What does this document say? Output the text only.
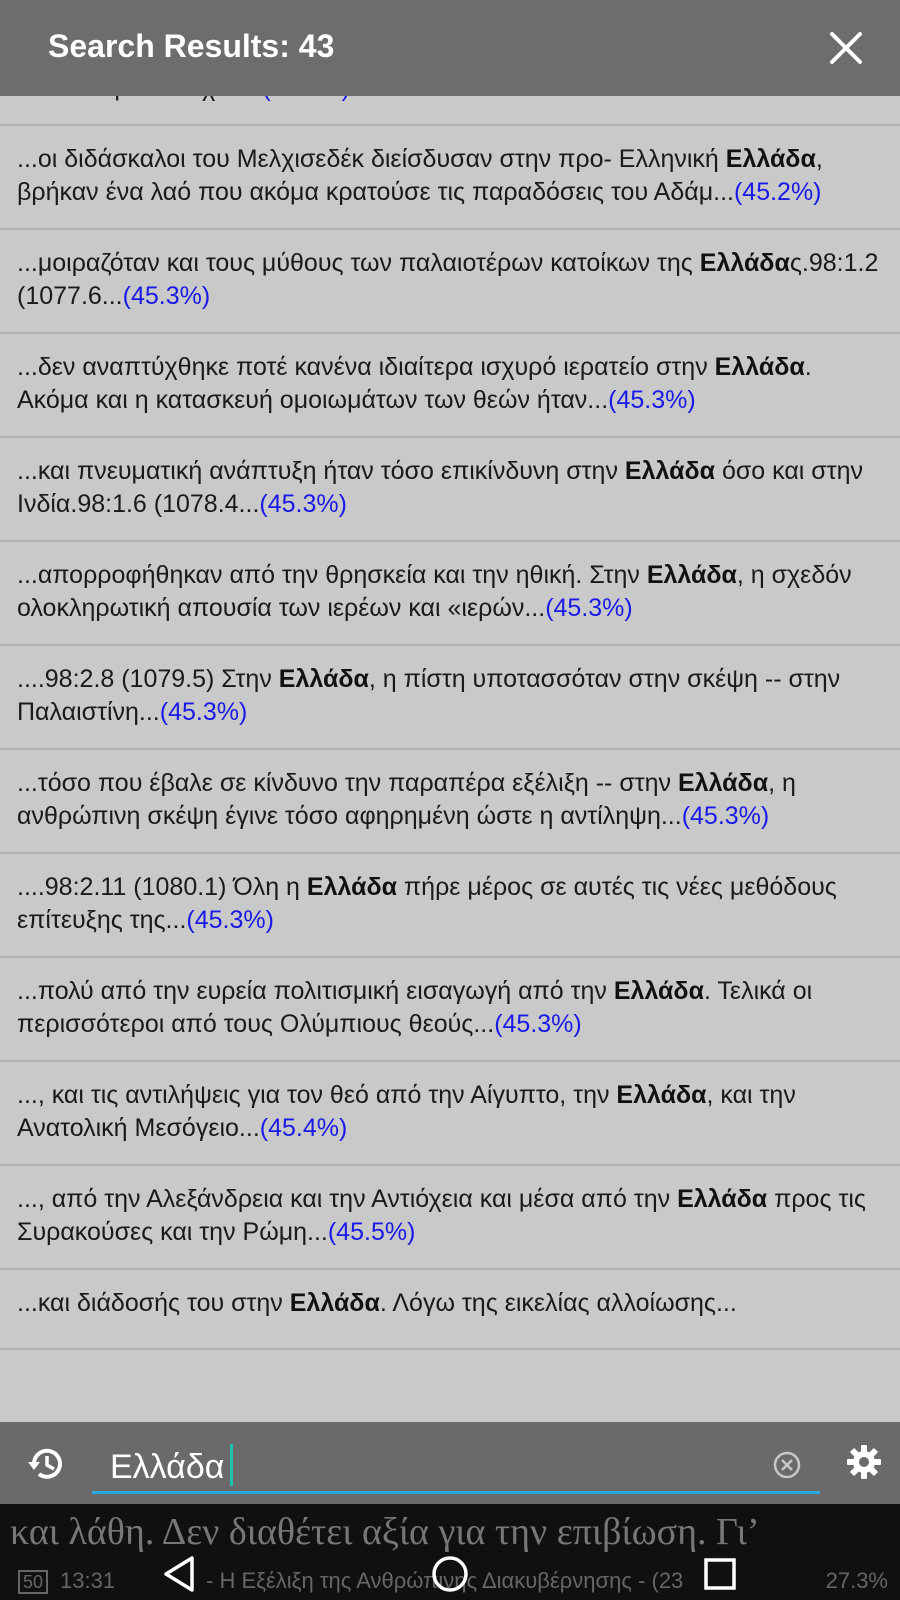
Search Results: 43
...οι διδάσκαλοι του Μελχισεδέκ διείσδυσαν στην προ- Ελληνική Ελλάδα, βρήκαν ένα λαό που ακόμα κρατούσε τις παραδόσεις του Αδάμ...(45.2%)
...μοιραζόταν και τους μύθους των παλαιοτέρων κατοίκων της Ελλάδας.98:1.2 (1077.6...(45.3%)
...δεν αναπτύχθηκε ποτέ κανένα ιδιαίτερα ισχυρό ιερατείο στην Ελλάδα. Ακόμα και η κατασκευή ομοιωμάτων των θεών ήταν...(45.3%)
...και πνευματική ανάπτυξη ήταν τόσο επικίνδυνη στην Ελλάδα όσο και στην Ινδία.98:1.6 (1078.4...(45.3%)
...απορροφήθηκαν από την θρησκεία και την ηθική. Στην Ελλάδα, η σχεδόν ολοκληρωτική απουσία των ιερέων και «ιερών...(45.3%)
....98:2.8 (1079.5) Στην Ελλάδα, η πίστη υποτασσόταν στην σκέψη -- στην Παλαιστίνη...(45.3%)
...τόσο που έβαλε σε κίνδυνο την παραπέρα εξέλιξη -- στην Ελλάδα, η ανθρώπινη σκέψη έγινε τόσο αφηρημένη ώστε η αντίληψη...(45.3%)
....98:2.11 (1080.1) Όλη η Ελλάδα πήρε μέρος σε αυτές τις νέες μεθόδους επίτευξης της...(45.3%)
...πολύ από την ευρεία πολιτισμική εισαγωγή από την Ελλάδα. Τελικά οι περισσότεροι από τους Ολύμπιους θεούς...(45.3%)
..., και τις αντιλήψεις για τον θεό από την Αίγυπτο, την Ελλάδα, και την Ανατολική Μεσόγειο...(45.4%)
..., από την Αλεξάνδρεια και την Αντιόχεια και μέσα από την Ελλάδα προς τις Συρακούσες και την Ρώμη...(45.5%)
...και διάδοσής του στην Ελλάδα. Λόγω της εικελίας αλλοίωσης...
Ελλάδα
και λάθη. Δεν διαθέτει αξία για την επιβίωση. Γι’
50 13:31	- Η Εξέλιξη της Ανθρώπινης Διακυβέρνησης - (23	27.3%
